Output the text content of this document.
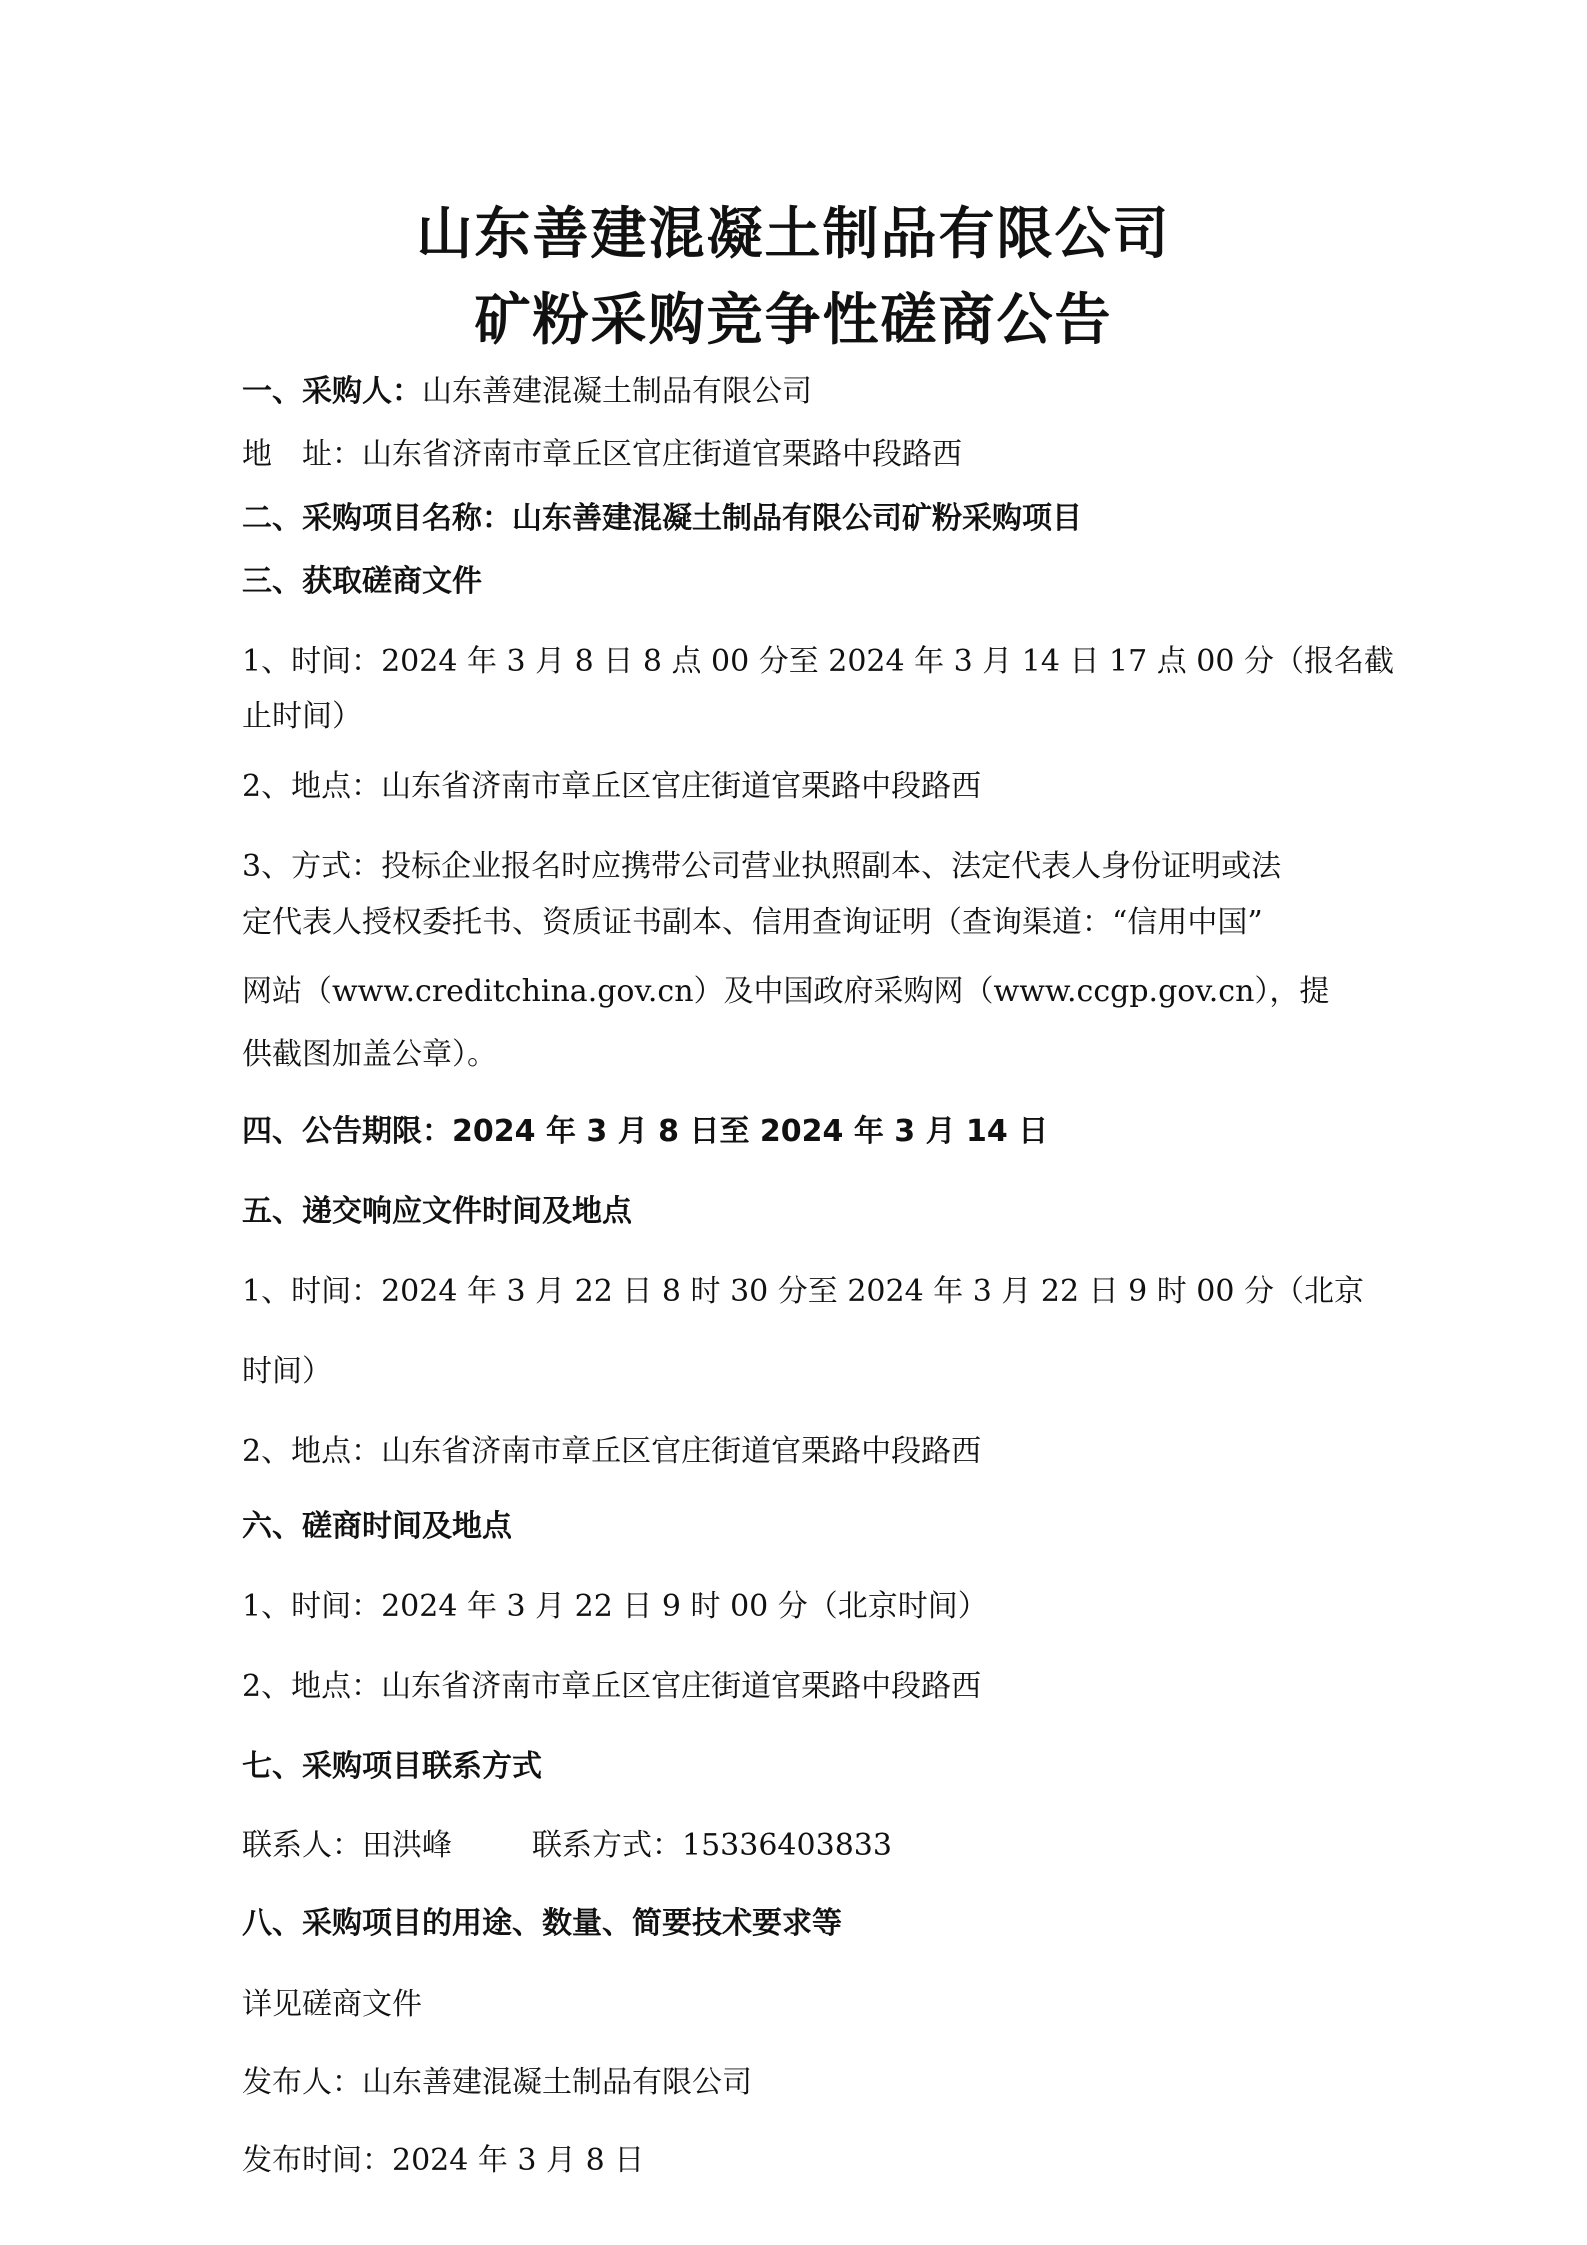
山东善建混凝土制品有限公司
矿粉采购竞争性磋商公告
一、采购人：山东善建混凝土制品有限公司
地　址：山东省济南市章丘区官庄街道官栗路中段路西
二、采购项目名称：山东善建混凝土制品有限公司矿粉采购项目
三、获取磋商文件
1、时间：2024 年 3 月 8 日 8 点 00 分至 2024 年 3 月 14 日 17 点 00 分（报名截
止时间）
2、地点：山东省济南市章丘区官庄街道官栗路中段路西
3、方式：投标企业报名时应携带公司营业执照副本、法定代表人身份证明或法
定代表人授权委托书、资质证书副本、信用查询证明（查询渠道：“信用中国”
网站（www.creditchina.gov.cn）及中国政府采购网（www.ccgp.gov.cn），提
供截图加盖公章）。
四、公告期限：2024 年 3 月 8 日至 2024 年 3 月 14 日
五、递交响应文件时间及地点
1、时间：2024 年 3 月 22 日 8 时 30 分至 2024 年 3 月 22 日 9 时 00 分（北京
时间）
2、地点：山东省济南市章丘区官庄街道官栗路中段路西
六、磋商时间及地点
1、时间：2024 年 3 月 22 日 9 时 00 分（北京时间）
2、地点：山东省济南市章丘区官庄街道官栗路中段路西
七、采购项目联系方式
联系人：田洪峰	联系方式：15336403833
八、采购项目的用途、数量、简要技术要求等
详见磋商文件
发布人：山东善建混凝土制品有限公司
发布时间：2024 年 3 月 8 日
